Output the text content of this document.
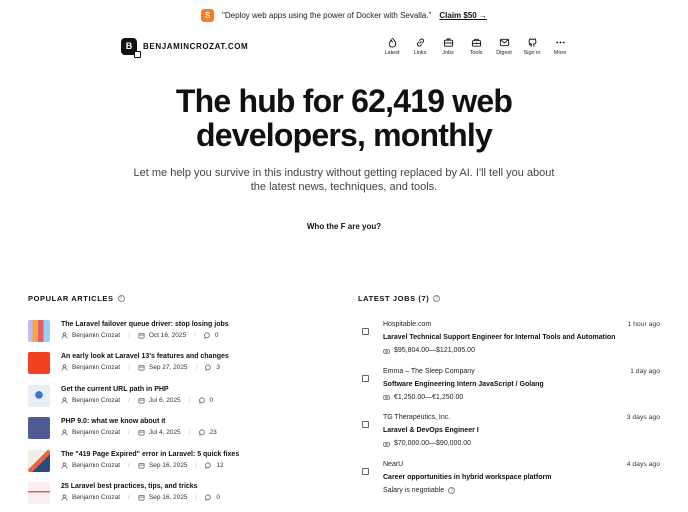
S	"Deploy web apps using the power of Docker with Sevalla." Claim $50 →
B BENJAMINCROZAT.COM
Latest	Links	Jobs	Tools	Digest Sign in More
The hub for 62,419 web developers, monthly

Let me help you survive in this industry without getting replaced by AI. I'll tell you about the latest news, techniques, and tools.

Who the F are you?
POPULAR ARTICLES	?
The Laravel failover queue driver: stop losing jobs
Benjamin Crozat /	Oct 16, 2025 /	0
An early look at Laravel 13's features and changes
Benjamin Crozat /	Sep 27, 2025 /	3
Get the current URL path in PHP
Benjamin Crozat /	Jul 6, 2025 /	0
PHP 9.0: what we know about it
Benjamin Crozat /	Jul 4, 2025 /	23
The "419 Page Expired" error in Laravel: 5 quick fixes
Benjamin Crozat /	Sep 16, 2025 /	12
25 Laravel best practices, tips, and tricks
Benjamin Crozat /	Sep 16, 2025 /	0
LATEST JOBS (7)	?
Hospitable.com	1 hour ago
Laravel Technical Support Engineer for Internal Tools and Automation
$95,804.00—$121,005.00
Emma – The Sleep Company	1 day ago
Software Engineering Intern JavaScript / Golang
€1,250.00—€1,250.00
TG Therapeutics, Inc.	3 days ago
Laravel & DevOps Engineer I
$70,000.00—$90,000.00
NearU	4 days ago
Career opportunities in hybrid workspace platform
Salary is negotiable	?
